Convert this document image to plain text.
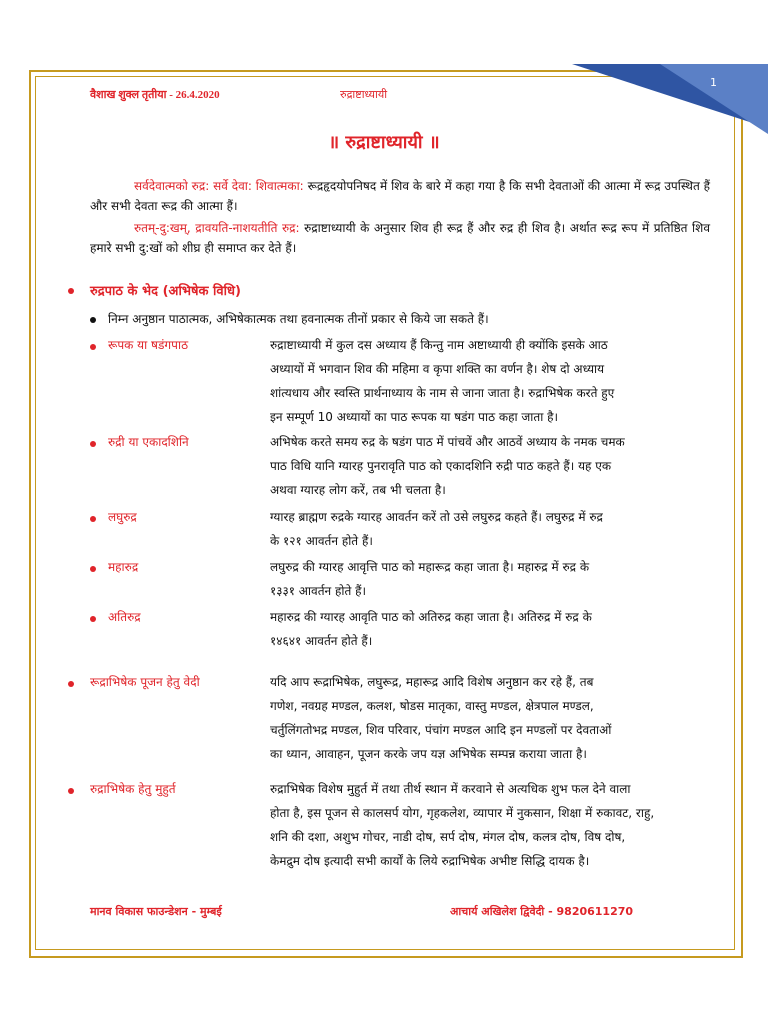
1
वैशाख शुक्ल तृतीया - 26.4.2020	रुद्राष्टाध्यायी
॥ रुद्राष्टाध्यायी ॥
सर्वदेवात्मको रुद्र: सर्वे देवा: शिवात्मका: रूद्रहृदयोपनिषद में शिव के बारे में कहा गया है कि सभी देवताओं की आत्मा में रूद्र उपस्थित हैं और सभी देवता रूद्र की आत्मा हैं।
रुतम्-दु:खम्, द्रावयति-नाशयतीति रुद्र: रुद्राष्टाध्यायी के अनुसार शिव ही रूद्र हैं और रुद्र ही शिव है। अर्थात रूद्र रूप में प्रतिष्ठित शिव हमारे सभी दु:खों को शीघ्र ही समाप्त कर देते हैं।
रुद्रपाठ के भेद (अभिषेक विधि)
निम्न अनुष्ठान पाठात्मक, अभिषेकात्मक तथा हवनात्मक तीनों प्रकार से किये जा सकते हैं।
रूपक या षडंगपाठ	रुद्राष्टाध्यायी में कुल दस अध्याय हैं किन्तु नाम अष्टाध्यायी ही क्योंकि इसके आठ
अध्यायों में भगवान शिव की महिमा व कृपा शक्ति का वर्णन है। शेष दो अध्याय
शांत्यधाय और स्वस्ति प्रार्थनाध्याय के नाम से जाना जाता है। रुद्राभिषेक करते हुए
इन सम्पूर्ण 10 अध्यायों का पाठ रूपक या षडंग पाठ कहा जाता है।
रुद्री या एकादशिनि	अभिषेक करते समय रुद्र के षडंग पाठ में पांचवें और आठवें अध्याय के नमक चमक
पाठ विधि यानि ग्यारह पुनरावृति पाठ को एकादशिनि रुद्री पाठ कहते हैं। यह एक
अथवा ग्यारह लोग करें, तब भी चलता है।
लघुरुद्र	ग्यारह ब्राह्मण रुद्रके ग्यारह आवर्तन करें तो उसे लघुरुद्र कहते हैं। लघुरुद्र में रुद्र
के १२१ आवर्तन होते हैं।
महारुद्र	लघुरुद्र की ग्यारह आवृत्ति पाठ को महारूद्र कहा जाता है। महारुद्र में रुद्र के
१३३१ आवर्तन होते हैं।
अतिरुद्र	महारुद्र की ग्यारह आवृति पाठ को अतिरुद्र कहा जाता है। अतिरुद्र में रुद्र के
१४६४१ आवर्तन होते हैं।
रूद्राभिषेक पूजन हेतु वेदी	यदि आप रूद्राभिषेक, लघुरूद्र, महारूद्र आदि विशेष अनुष्ठान कर रहे हैं, तब
गणेश, नवग्रह मण्डल, कलश, षोडस मातृका, वास्तु मण्डल, क्षेत्रपाल मण्डल,
चर्तुलिंगतोभद्र मण्डल, शिव परिवार, पंचांग मण्डल आदि इन मण्डलों पर देवताओं
का ध्यान, आवाहन, पूजन करके जप यज्ञ अभिषेक सम्पन्न कराया जाता है।
रुद्राभिषेक हेतु मुहुर्त	रुद्राभिषेक विशेष मुहुर्त में तथा तीर्थ स्थान में करवाने से अत्यधिक शुभ फल देने वाला
होता है, इस पूजन से कालसर्प योग, गृहकलेश, व्यापार में नुकसान, शिक्षा में रुकावट, राहु,
शनि की दशा, अशुभ गोचर, नाडी दोष, सर्प दोष, मंगल दोष, कलत्र दोष, विष दोष,
केमद्रुम दोष इत्यादी सभी कार्यों के लिये रुद्राभिषेक अभीष्ट सिद्धि दायक है।
मानव विकास फाउन्डेशन - मुम्बई	आचार्य अखिलेश द्विवेदी - 9820611270
